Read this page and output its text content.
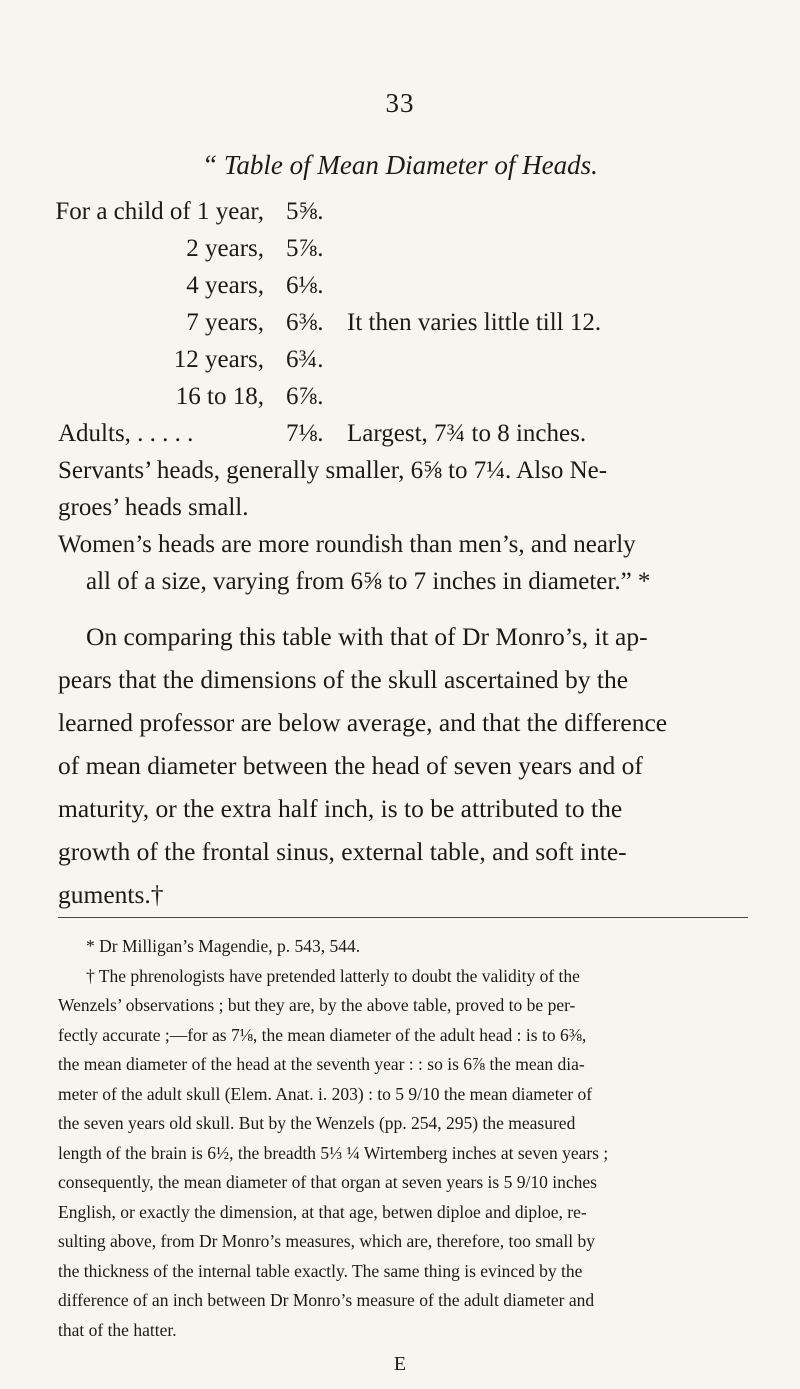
33
“ Table of Mean Diameter of Heads.
For a child of 1 year, 5⅝.
2 years, 5⅞.
4 years, 6⅛.
7 years, 6⅜. It then varies little till 12.
12 years, 6¾.
16 to 18, 6⅞.
Adults, . . . . .	7⅛. Largest, 7¾ to 8 inches.
Servants’ heads, generally smaller, 6⅝ to 7¼. Also Ne-
groes’ heads small.
Women’s heads are more roundish than men’s, and nearly
all of a size, varying from 6⅝ to 7 inches in diameter.” *
On comparing this table with that of Dr Monro’s, it ap-
pears that the dimensions of the skull ascertained by the
learned professor are below average, and that the difference
of mean diameter between the head of seven years and of
maturity, or the extra half inch, is to be attributed to the
growth of the frontal sinus, external table, and soft inte-
guments.†
* Dr Milligan’s Magendie, p. 543, 544.
† The phrenologists have pretended latterly to doubt the validity of the
Wenzels’ observations ; but they are, by the above table, proved to be per-
fectly accurate ;—for as 7⅛, the mean diameter of the adult head : is to 6⅜,
the mean diameter of the head at the seventh year : : so is 6⅞ the mean dia-
meter of the adult skull (Elem. Anat. i. 203) : to 5 9/10 the mean diameter of
the seven years old skull. But by the Wenzels (pp. 254, 295) the measured
length of the brain is 6½, the breadth 5⅓ ¼ Wirtemberg inches at seven years ;
consequently, the mean diameter of that organ at seven years is 5 9/10 inches
English, or exactly the dimension, at that age, betwen diploe and diploe, re-
sulting above, from Dr Monro’s measures, which are, therefore, too small by
the thickness of the internal table exactly. The same thing is evinced by the
difference of an inch between Dr Monro’s measure of the adult diameter and
that of the hatter.
E
